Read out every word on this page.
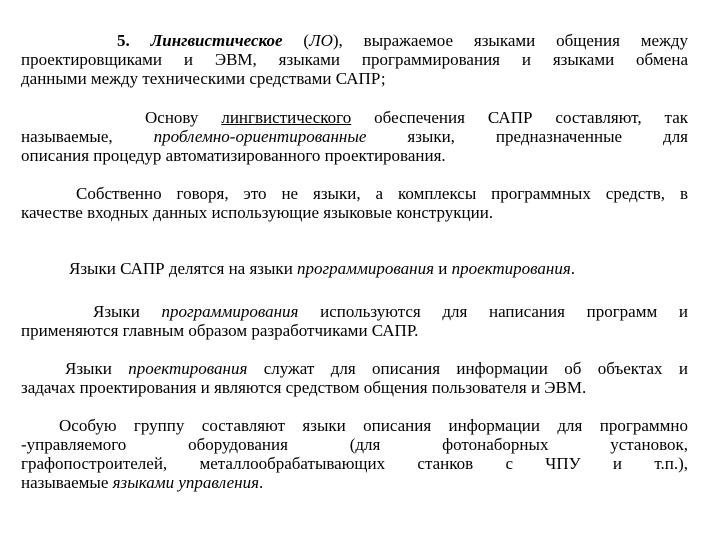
5. Лингвистическое (ЛО), выражаемое языками общения между
проектировщиками и ЭВМ, языками программирования и языками обмена
данными между техническими средствами САПР;
Основу лингвистического обеспечения САПР составляют, так
называемые, проблемно-ориентированные языки, предназначенные для
описания процедур автоматизированного проектирования.
Собственно говоря, это не языки, а комплексы программных средств, в
качестве входных данных использующие языковые конструкции.
Языки САПР делятся на языки программирования и проектирования.
Языки программирования используются для написания программ и
применяются главным образом разработчиками САПР.
Языки проектирования служат для описания информации об объектах и
задачах проектирования и являются средством общения пользователя и ЭВМ.
Особую группу составляют языки описания информации для программно
-управляемого оборудования (для фотонаборных установок,
графопостроителей, металлообрабатывающих станков с ЧПУ и т.п.),
называемые языками управления.
